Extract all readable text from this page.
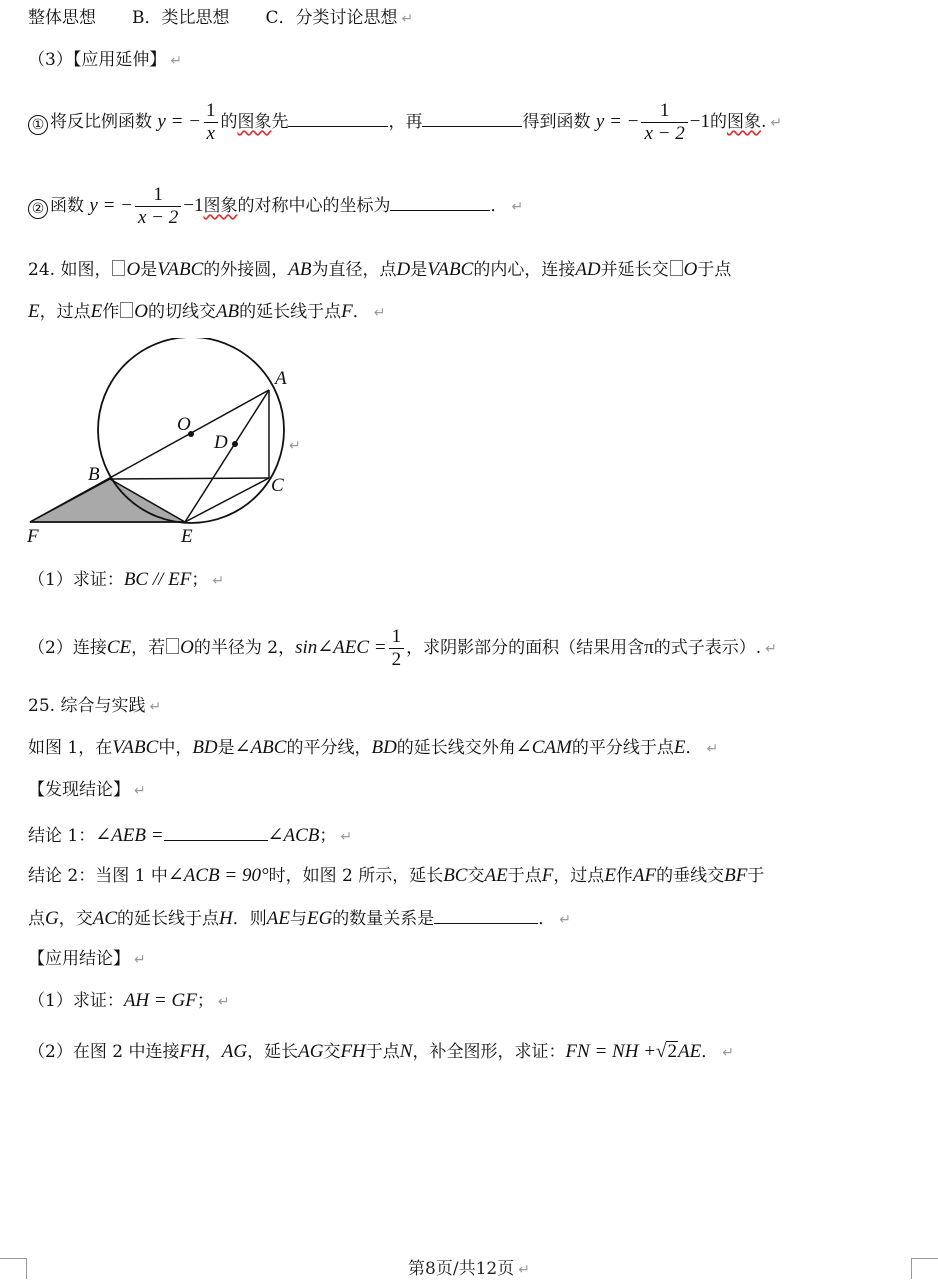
整体思想 B．类比思想 C．分类讨论思想 ↵
（3）【应用延伸】 ↵
① 将反比例函数 y = − $\frac{1}{x}$ 的图象先	，再	得到函数 y = − $\frac{1}{x - 2} -1$的图象. ↵
② 函数 y = − $\frac{1}{x - 2} -1$图象的对称中心的坐标为	． ↵
24. 如图， O是VABC的外接圆，AB为直径，点D是VABC的内心，连接AD并延长交 O于点
E，过点E作 O的切线交AB的延长线于点F． ↵
A
O
D
B
C
F	E
↵
（1）求证：BC // EF； ↵
（2）连接CE，若 O的半径为 2，sin∠AEC = $\frac{1}{2}$ ，求阴影部分的面积（结果用含π的式子表示）. ↵
25. 综合与实践 ↵
如图 1，在VABC中，BD是∠ABC的平分线，BD的延长线交外角∠CAM的平分线于点E． ↵
【发现结论】 ↵
结论 1：∠AEB =	∠ACB； ↵
结论 2：当图 1 中∠ACB = 90°时，如图 2 所示，延长BC交AE于点F，过点E作AF的垂线交BF于
点G，交AC的延长线于点H．则AE与EG的数量关系是	． ↵
【应用结论】 ↵
（1）求证：AH = GF； ↵
（2）在图 2 中连接FH，AG，延长AG交FH于点N，补全图形，求证：FN = NH +√2AE． ↵
第8页/共12页 ↵
